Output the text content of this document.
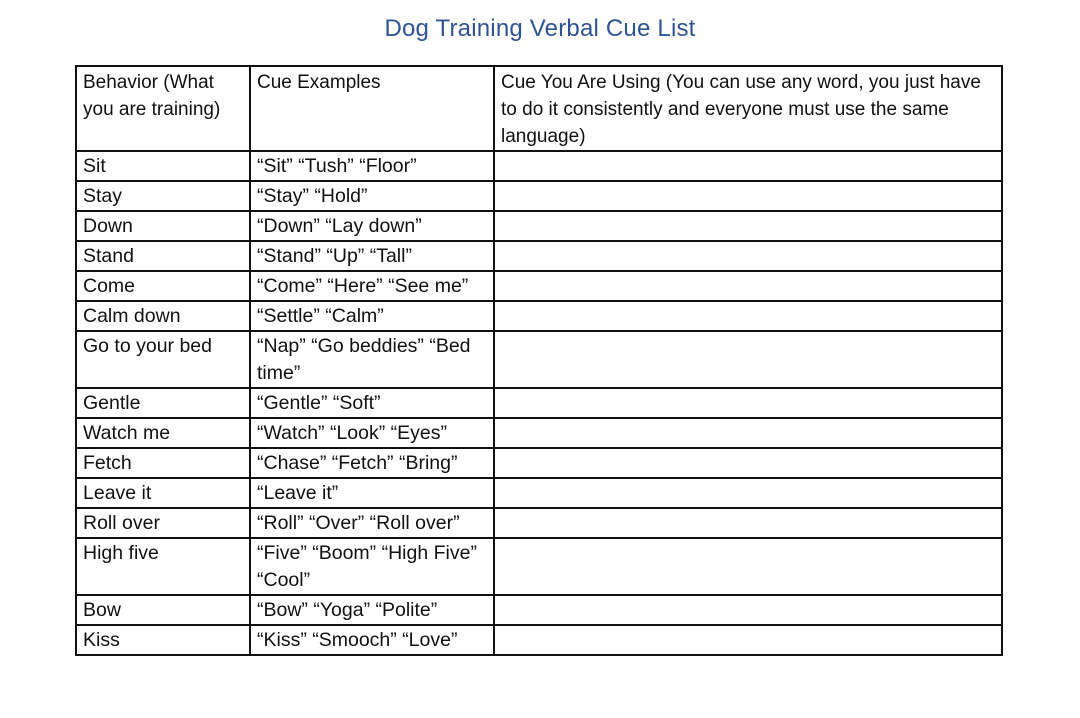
Dog Training Verbal Cue List
Behavior (What you are training)	Cue Examples	Cue You Are Using (You can use any word, you just have to do it consistently and everyone must use the same language)
Sit	“Sit” “Tush” “Floor”	
Stay	“Stay” “Hold”	
Down	“Down” “Lay down”	
Stand	“Stand” “Up” “Tall”	
Come	“Come” “Here” “See me”	
Calm down	“Settle” “Calm”	
Go to your bed	“Nap” “Go beddies” “Bed time”	
Gentle	“Gentle” “Soft”	
Watch me	“Watch” “Look” “Eyes”	
Fetch	“Chase” “Fetch” “Bring”	
Leave it	“Leave it”	
Roll over	“Roll” “Over” “Roll over”	
High five	“Five” “Boom” “High Five” “Cool”	
Bow	“Bow” “Yoga” “Polite”	
Kiss	“Kiss” “Smooch” “Love”	
